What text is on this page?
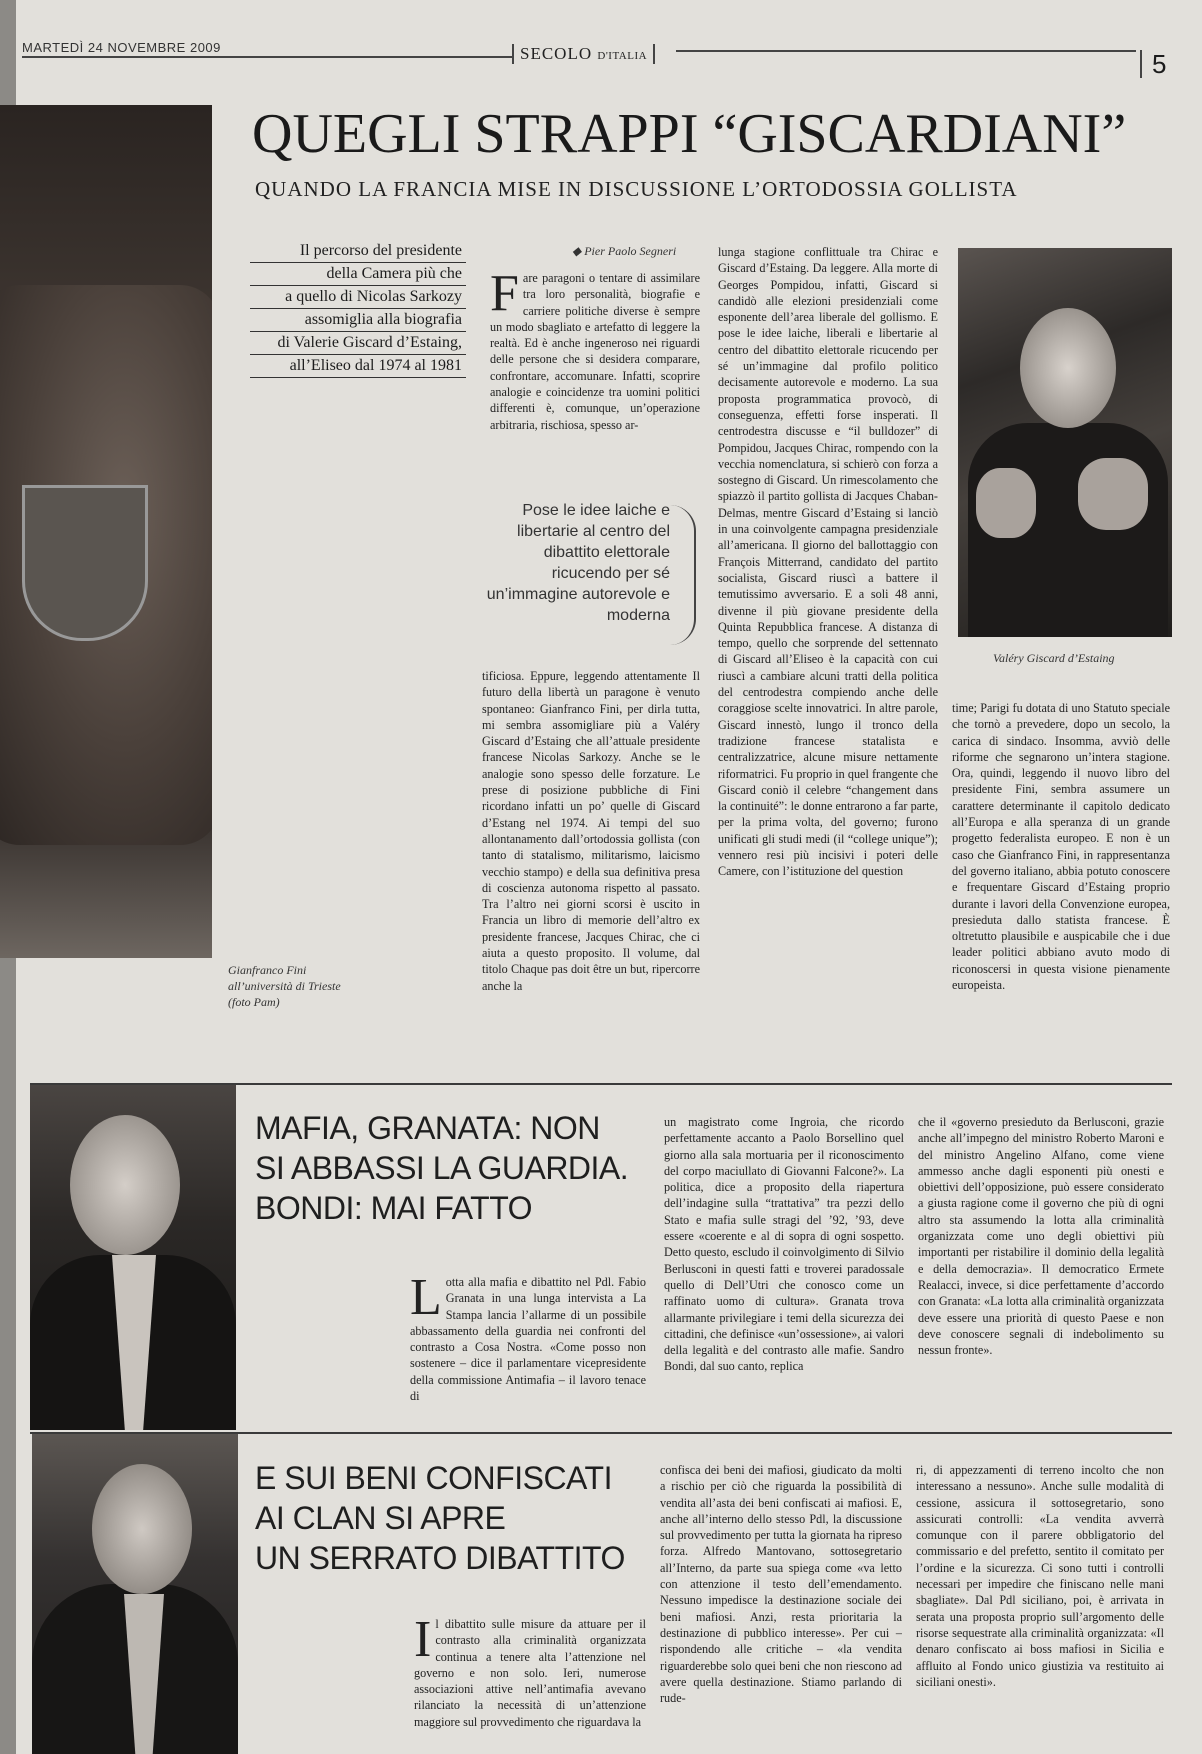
MARTEDÌ 24 NOVEMBRE 2009	SECOLO D'ITALIA	5
QUEGLI STRAPPI “GISCARDIANI”
QUANDO LA FRANCIA MISE IN DISCUSSIONE L’ORTODOSSIA GOLLISTA
Gianfranco Fini
all’università di Trieste
(foto Pam)
Il percorso del presidente
della Camera più che
a quello di Nicolas Sarkozy
assomiglia alla biografia
di Valerie Giscard d’Estaing,
all’Eliseo dal 1974 al 1981
◆ Pier Paolo Segneri
Fare paragoni o tentare di assimilare tra loro personalità, biografie e carriere politiche diverse è sempre un modo sbagliato e artefatto di leggere la realtà. Ed è anche ingeneroso nei riguardi delle persone che si desidera comparare, confrontare, accomunare. Infatti, scoprire analogie e coincidenze tra uomini politici differenti è, comunque, un’operazione arbitraria, rischiosa, spesso ar-
Pose le idee laiche e libertarie al centro del dibattito elettorale ricucendo per sé un’immagine autorevole e moderna
tificiosa. Eppure, leggendo attentamente Il futuro della libertà un paragone è venuto spontaneo: Gianfranco Fini, per dirla tutta, mi sembra assomigliare più a Valéry Giscard d’Estaing che all’attuale presidente francese Nicolas Sarkozy. Anche se le analogie sono spesso delle forzature. Le prese di posizione pubbliche di Fini ricordano infatti un po’ quelle di Giscard d’Estang nel 1974. Ai tempi del suo allontanamento dall’ortodossia gollista (con tanto di statalismo, militarismo, laicismo vecchio stampo) e della sua definitiva presa di coscienza autonoma rispetto al passato. Tra l’altro nei giorni scorsi è uscito in Francia un libro di memorie dell’altro ex presidente francese, Jacques Chirac, che ci aiuta a questo proposito. Il volume, dal titolo Chaque pas doit être un but, ripercorre anche la
lunga stagione conflittuale tra Chirac e Giscard d’Estaing. Da leggere. Alla morte di Georges Pompidou, infatti, Giscard si candidò alle elezioni presidenziali come esponente dell’area liberale del gollismo. E pose le idee laiche, liberali e libertarie al centro del dibattito elettorale ricucendo per sé un’immagine dal profilo politico decisamente autorevole e moderno. La sua proposta programmatica provocò, di conseguenza, effetti forse insperati. Il centrodestra discusse e “il bulldozer” di Pompidou, Jacques Chirac, rompendo con la vecchia nomenclatura, si schierò con forza a sostegno di Giscard. Un rimescolamento che spiazzò il partito gollista di Jacques Chaban-Delmas, mentre Giscard d’Estaing si lanciò in una coinvolgente campagna presidenziale all’americana. Il giorno del ballottaggio con François Mitterrand, candidato del partito socialista, Giscard riuscì a battere il temutissimo avversario. E a soli 48 anni, divenne il più giovane presidente della Quinta Repubblica francese. A distanza di tempo, quello che sorprende del settennato di Giscard all’Eliseo è la capacità con cui riuscì a cambiare alcuni tratti della politica del centrodestra compiendo anche delle coraggiose scelte innovatrici. In altre parole, Giscard innestò, lungo il tronco della tradizione francese statalista e centralizzatrice, alcune misure nettamente riformatrici. Fu proprio in quel frangente che Giscard coniò il celebre “changement dans la continuité”: le donne entrarono a far parte, per la prima volta, del governo; furono unificati gli studi medi (il “college unique”); vennero resi più incisivi i poteri delle Camere, con l’istituzione del question
Valéry Giscard d’Estaing
time; Parigi fu dotata di uno Statuto speciale che tornò a prevedere, dopo un secolo, la carica di sindaco. Insomma, avviò delle riforme che segnarono un’intera stagione. Ora, quindi, leggendo il nuovo libro del presidente Fini, sembra assumere un carattere determinante il capitolo dedicato all’Europa e alla speranza di un grande progetto federalista europeo. E non è un caso che Gianfranco Fini, in rappresentanza del governo italiano, abbia potuto conoscere e frequentare Giscard d’Estaing proprio durante i lavori della Convenzione europea, presieduta dallo statista francese. È oltretutto plausibile e auspicabile che i due leader politici abbiano avuto modo di riconoscersi in questa visione pienamente europeista.
MAFIA, GRANATA: NON
SI ABBASSI LA GUARDIA.
BONDI: MAI FATTO
Lotta alla mafia e dibattito nel Pdl. Fabio Granata in una lunga intervista a La Stampa lancia l’allarme di un possibile abbassamento della guardia nei confronti del contrasto a Cosa Nostra. «Come posso non sostenere – dice il parlamentare vicepresidente della commissione Antimafia – il lavoro tenace di
un magistrato come Ingroia, che ricordo perfettamente accanto a Paolo Borsellino quel giorno alla sala mortuaria per il riconoscimento del corpo maciullato di Giovanni Falcone?». La politica, dice a proposito della riapertura dell’indagine sulla “trattativa” tra pezzi dello Stato e mafia sulle stragi del ’92, ’93, deve essere «coerente e al di sopra di ogni sospetto. Detto questo, escludo il coinvolgimento di Silvio Berlusconi in questi fatti e troverei paradossale quello di Dell’Utri che conosco come un raffinato uomo di cultura». Granata trova allarmante privilegiare i temi della sicurezza dei cittadini, che definisce «un’ossessione», ai valori della legalità e del contrasto alle mafie. Sandro Bondi, dal suo canto, replica
che il «governo presieduto da Berlusconi, grazie anche all’impegno del ministro Roberto Maroni e del ministro Angelino Alfano, come viene ammesso anche dagli esponenti più onesti e obiettivi dell’opposizione, può essere considerato a giusta ragione come il governo che più di ogni altro sta assumendo la lotta alla criminalità organizzata come uno degli obiettivi più importanti per ristabilire il dominio della legalità e della democrazia». Il democratico Ermete Realacci, invece, si dice perfettamente d’accordo con Granata: «La lotta alla criminalità organizzata deve essere una priorità di questo Paese e non deve conoscere segnali di indebolimento su nessun fronte».
E SUI BENI CONFISCATI
AI CLAN SI APRE
UN SERRATO DIBATTITO
Il dibattito sulle misure da attuare per il contrasto alla criminalità organizzata continua a tenere alta l’attenzione nel governo e non solo. Ieri, numerose associazioni attive nell’antimafia avevano rilanciato la necessità di un’attenzione maggiore sul provvedimento che riguardava la
confisca dei beni dei mafiosi, giudicato da molti a rischio per ciò che riguarda la possibilità di vendita all’asta dei beni confiscati ai mafiosi. E, anche all’interno dello stesso Pdl, la discussione sul provvedimento per tutta la giornata ha ripreso forza. Alfredo Mantovano, sottosegretario all’Interno, da parte sua spiega come «va letto con attenzione il testo dell’emendamento. Nessuno impedisce la destinazione sociale dei beni mafiosi. Anzi, resta prioritaria la destinazione di pubblico interesse». Per cui – rispondendo alle critiche – «la vendita riguarderebbe solo quei beni che non riescono ad avere quella destinazione. Stiamo parlando di rude-
ri, di appezzamenti di terreno incolto che non interessano a nessuno». Anche sulle modalità di cessione, assicura il sottosegretario, sono assicurati controlli: «La vendita avverrà comunque con il parere obbligatorio del commissario e del prefetto, sentito il comitato per l’ordine e la sicurezza. Ci sono tutti i controlli necessari per impedire che finiscano nelle mani sbagliate». Dal Pdl siciliano, poi, è arrivata in serata una proposta proprio sull’argomento delle risorse sequestrate alla criminalità organizzata: «Il denaro confiscato ai boss mafiosi in Sicilia e affluito al Fondo unico giustizia va restituito ai siciliani onesti».
